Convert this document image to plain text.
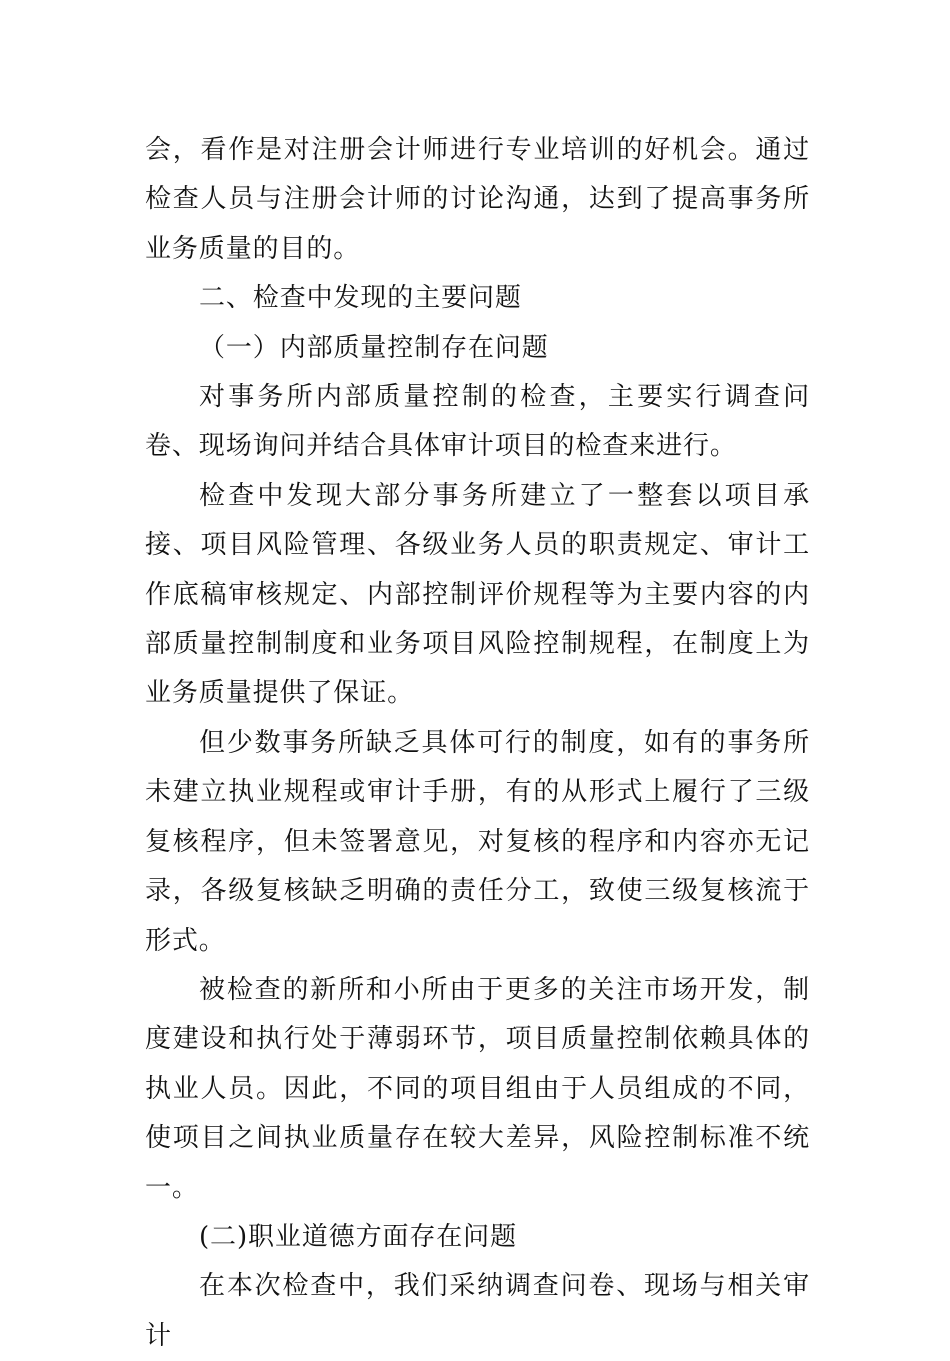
会，看作是对注册会计师进行专业培训的好机会。通过检查人员与注册会计师的讨论沟通，达到了提高事务所业务质量的目的。

二、检查中发现的主要问题

（一）内部质量控制存在问题

对事务所内部质量控制的检查，主要实行调查问卷、现场询问并结合具体审计项目的检查来进行。

检查中发现大部分事务所建立了一整套以项目承接、项目风险管理、各级业务人员的职责规定、审计工作底稿审核规定、内部控制评价规程等为主要内容的内部质量控制制度和业务项目风险控制规程，在制度上为业务质量提供了保证。

但少数事务所缺乏具体可行的制度，如有的事务所未建立执业规程或审计手册，有的从形式上履行了三级复核程序，但未签署意见，对复核的程序和内容亦无记录，各级复核缺乏明确的责任分工，致使三级复核流于形式。

被检查的新所和小所由于更多的关注市场开发，制度建设和执行处于薄弱环节，项目质量控制依赖具体的执业人员。因此，不同的项目组由于人员组成的不同，使项目之间执业质量存在较大差异，风险控制标准不统一。

(二)职业道德方面存在问题

在本次检查中，我们采纳调查问卷、现场与相关审计
